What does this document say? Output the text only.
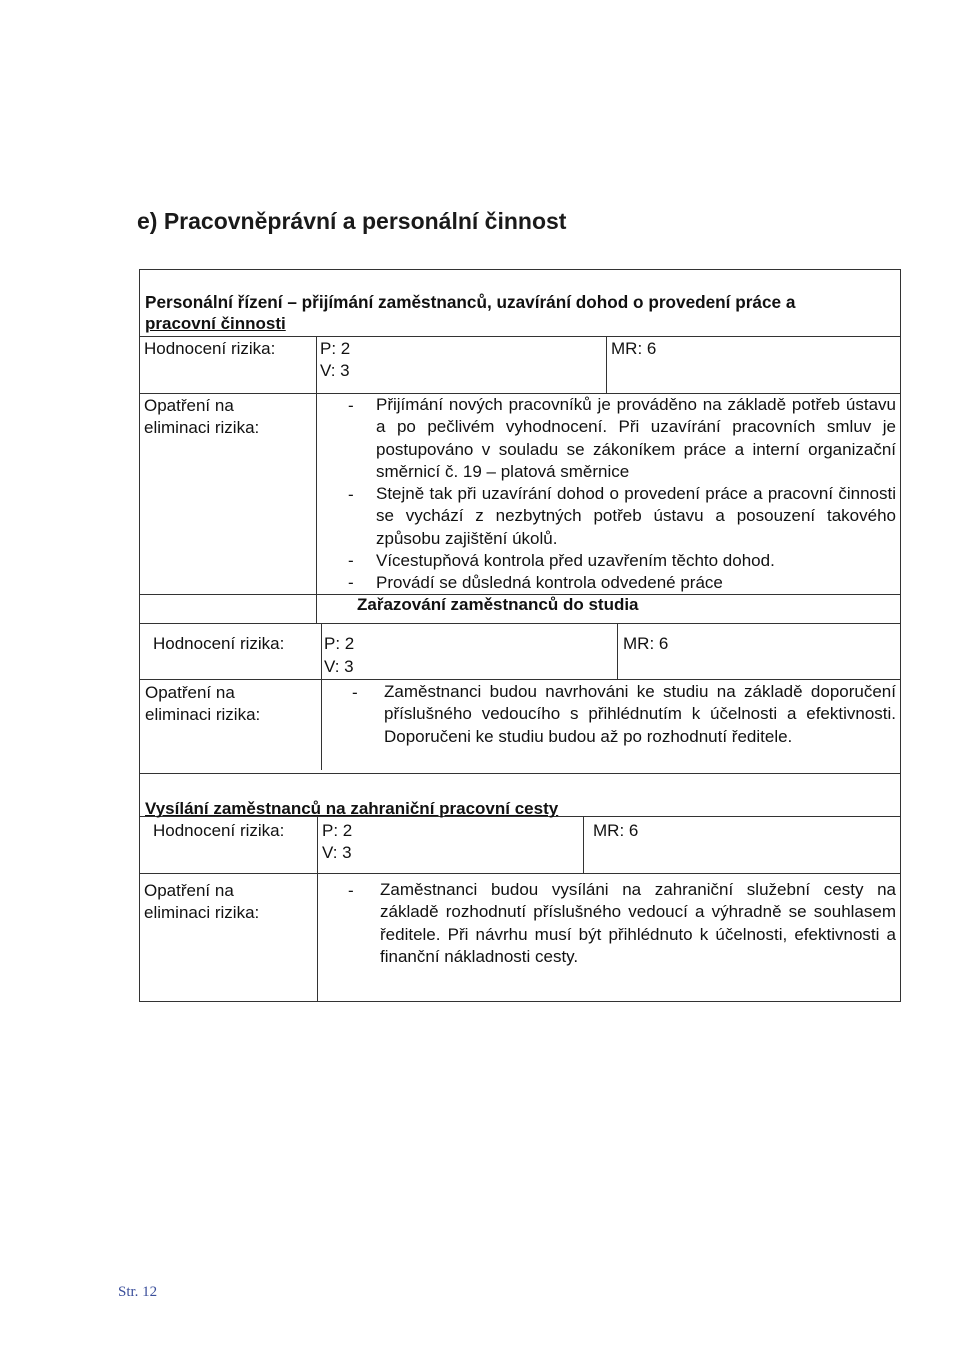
e) Pracovněprávní a personální činnost
Personální řízení – přijímání zaměstnanců, uzavírání dohod o provedení práce a
pracovní činnosti
Hodnocení rizika:	P: 2
V: 3
MR: 6
Opatření na
eliminaci rizika:
- Přijímání nových pracovníků je prováděno na základě potřeb ústavu a po pečlivém vyhodnocení. Při uzavírání pracovních smluv je postupováno v souladu se zákoníkem práce a interní organizační směrnicí č. 19 – platová směrnice
- Stejně tak při uzavírání dohod o provedení práce a pracovní činnosti se vychází z nezbytných potřeb ústavu a posouzení takového způsobu zajištění úkolů.
- Vícestupňová kontrola před uzavřením těchto dohod.
- Provádí se důsledná kontrola odvedené práce
Zařazování zaměstnanců do studia
Hodnocení rizika: P: 2
V: 3
MR: 6
Opatření na
eliminaci rizika:
- Zaměstnanci budou navrhováni ke studiu na základě doporučení příslušného vedoucího s přihlédnutím k účelnosti a efektivnosti. Doporučeni ke studiu budou až po rozhodnutí ředitele.
Vysílání zaměstnanců na zahraniční pracovní cesty
Hodnocení rizika: P: 2
V: 3
MR: 6
Opatření na
eliminaci rizika:
- Zaměstnanci budou vysíláni na zahraniční služební cesty na základě rozhodnutí příslušného vedoucí a výhradně se souhlasem ředitele. Při návrhu musí být přihlédnuto k účelnosti, efektivnosti a finanční nákladnosti cesty.
Str. 12
